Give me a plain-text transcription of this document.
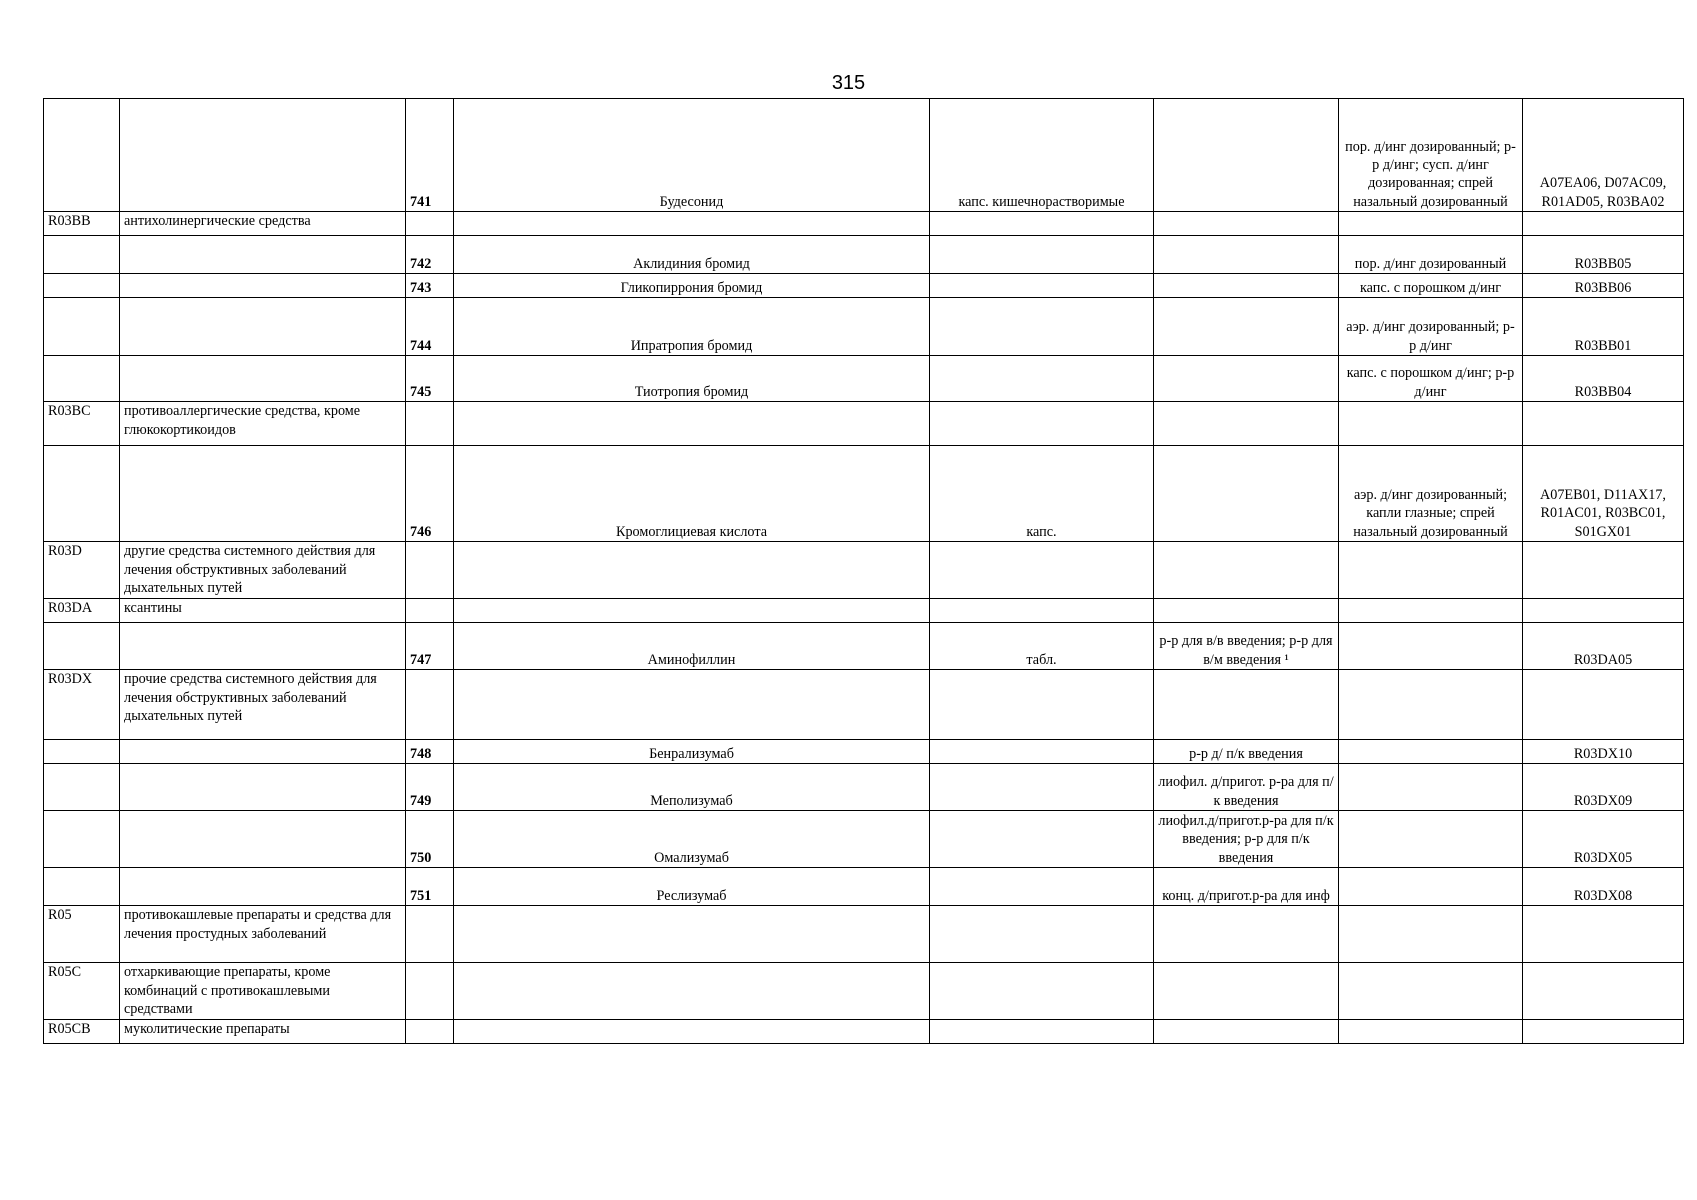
315
		741	Будесонид	капс. кишечнорастворимые		пор. д/инг дозированный; р-р д/инг; сусп. д/инг дозированная; спрей назальный дозированный	A07EA06, D07AC09, R01AD05, R03BA02
R03BB	антихолинергические средства						
		742	Аклидиния бромид			пор. д/инг дозированный	R03BB05
		743	Гликопиррония бромид			капс. с порошком д/инг	R03BB06
		744	Ипратропия бромид			аэр. д/инг дозированный; р-р д/инг	R03BB01
		745	Тиотропия бромид			капс. с порошком д/инг; р-р д/инг	R03BB04
R03BC	противоаллергические средства, кроме глюкокортикоидов						
		746	Кромоглициевая кислота	капс.		аэр. д/инг дозированный; капли глазные; спрей назальный дозированный	A07EB01, D11AX17, R01AC01, R03BC01, S01GX01
R03D	другие средства системного действия для лечения обструктивных заболеваний дыхательных путей						
R03DA	ксантины						
		747	Аминофиллин	табл.	р-р для в/в введения; р-р для в/м введения ¹		R03DA05
R03DX	прочие средства системного действия для лечения обструктивных заболеваний дыхательных путей						
		748	Бенрализумаб		р-р д/ п/к введения		R03DX10
		749	Меполизумаб		лиофил. д/пригот. р-ра для п/к введения		R03DX09
		750	Омализумаб		лиофил.д/пригот.р-ра для п/к введения; р-р для п/к введения		R03DX05
		751	Реслизумаб		конц. д/пригот.р-ра для инф		R03DX08
R05	противокашлевые препараты и средства для лечения простудных заболеваний						
R05C	отхаркивающие препараты, кроме комбинаций с противокашлевыми средствами						
R05CB	муколитические препараты						
